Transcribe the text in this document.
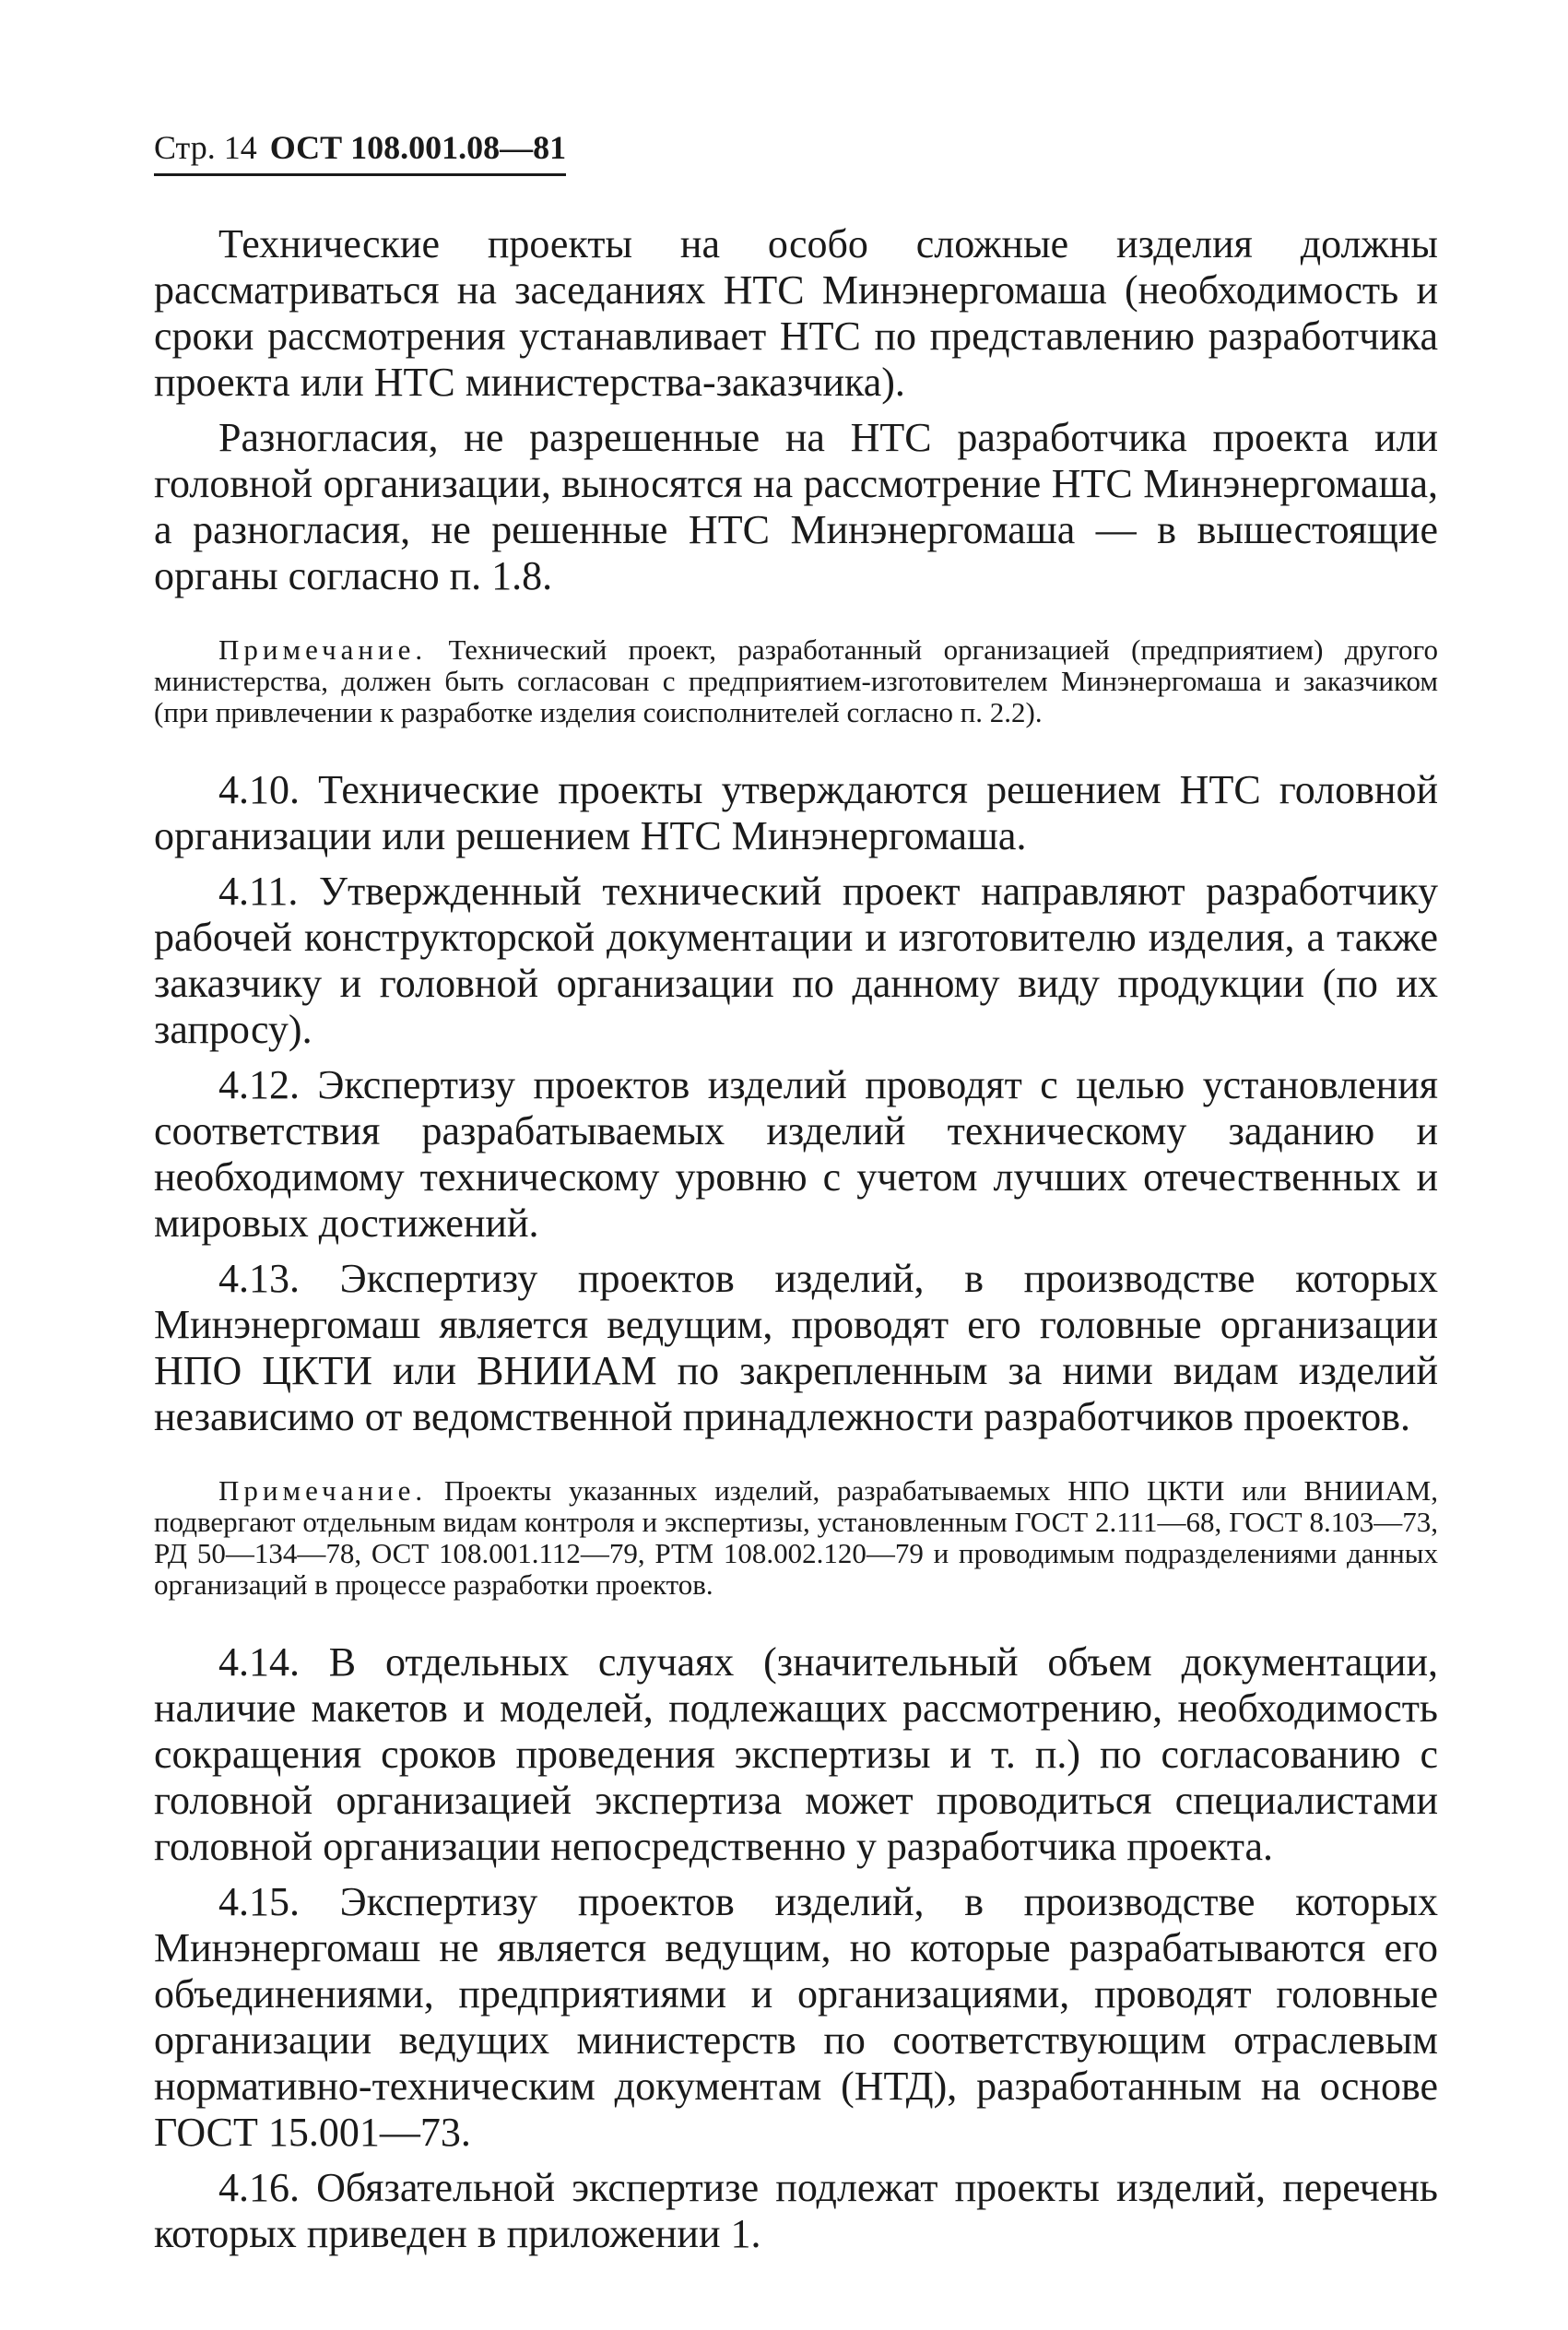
Стр. 14 ОСТ 108.001.08—81

Технические проекты на особо сложные изделия должны рассматриваться на заседаниях НТС Минэнергомаша (необходимость и сроки рассмотрения устанавливает НТС по представлению разработчика проекта или НТС министерства-заказчика).

Разногласия, не разрешенные на НТС разработчика проекта или головной организации, выносятся на рассмотрение НТС Минэнергомаша, а разногласия, не решенные НТС Минэнергомаша — в вышестоящие органы согласно п. 1.8.

Примечание. Технический проект, разработанный организацией (предприятием) другого министерства, должен быть согласован с предприятием-изготовителем Минэнергомаша и заказчиком (при привлечении к разработке изделия соисполнителей согласно п. 2.2).

4.10. Технические проекты утверждаются решением НТС головной организации или решением НТС Минэнергомаша.

4.11. Утвержденный технический проект направляют разработчику рабочей конструкторской документации и изготовителю изделия, а также заказчику и головной организации по данному виду продукции (по их запросу).

4.12. Экспертизу проектов изделий проводят с целью установления соответствия разрабатываемых изделий техническому заданию и необходимому техническому уровню с учетом лучших отечественных и мировых достижений.

4.13. Экспертизу проектов изделий, в производстве которых Минэнергомаш является ведущим, проводят его головные организации НПО ЦКТИ или ВНИИАМ по закрепленным за ними видам изделий независимо от ведомственной принадлежности разработчиков проектов.

Примечание. Проекты указанных изделий, разрабатываемых НПО ЦКТИ или ВНИИАМ, подвергают отдельным видам контроля и экспертизы, установленным ГОСТ 2.111—68, ГОСТ 8.103—73, РД 50—134—78, ОСТ 108.001.112—79, РТМ 108.002.120—79 и проводимым подразделениями данных организаций в процессе разработки проектов.

4.14. В отдельных случаях (значительный объем документации, наличие макетов и моделей, подлежащих рассмотрению, необходимость сокращения сроков проведения экспертизы и т. п.) по согласованию с головной организацией экспертиза может проводиться специалистами головной организации непосредственно у разработчика проекта.

4.15. Экспертизу проектов изделий, в производстве которых Минэнергомаш не является ведущим, но которые разрабатываются его объединениями, предприятиями и организациями, проводят головные организации ведущих министерств по соответствующим отраслевым нормативно-техническим документам (НТД), разработанным на основе ГОСТ 15.001—73.

4.16. Обязательной экспертизе подлежат проекты изделий, перечень которых приведен в приложении 1.
